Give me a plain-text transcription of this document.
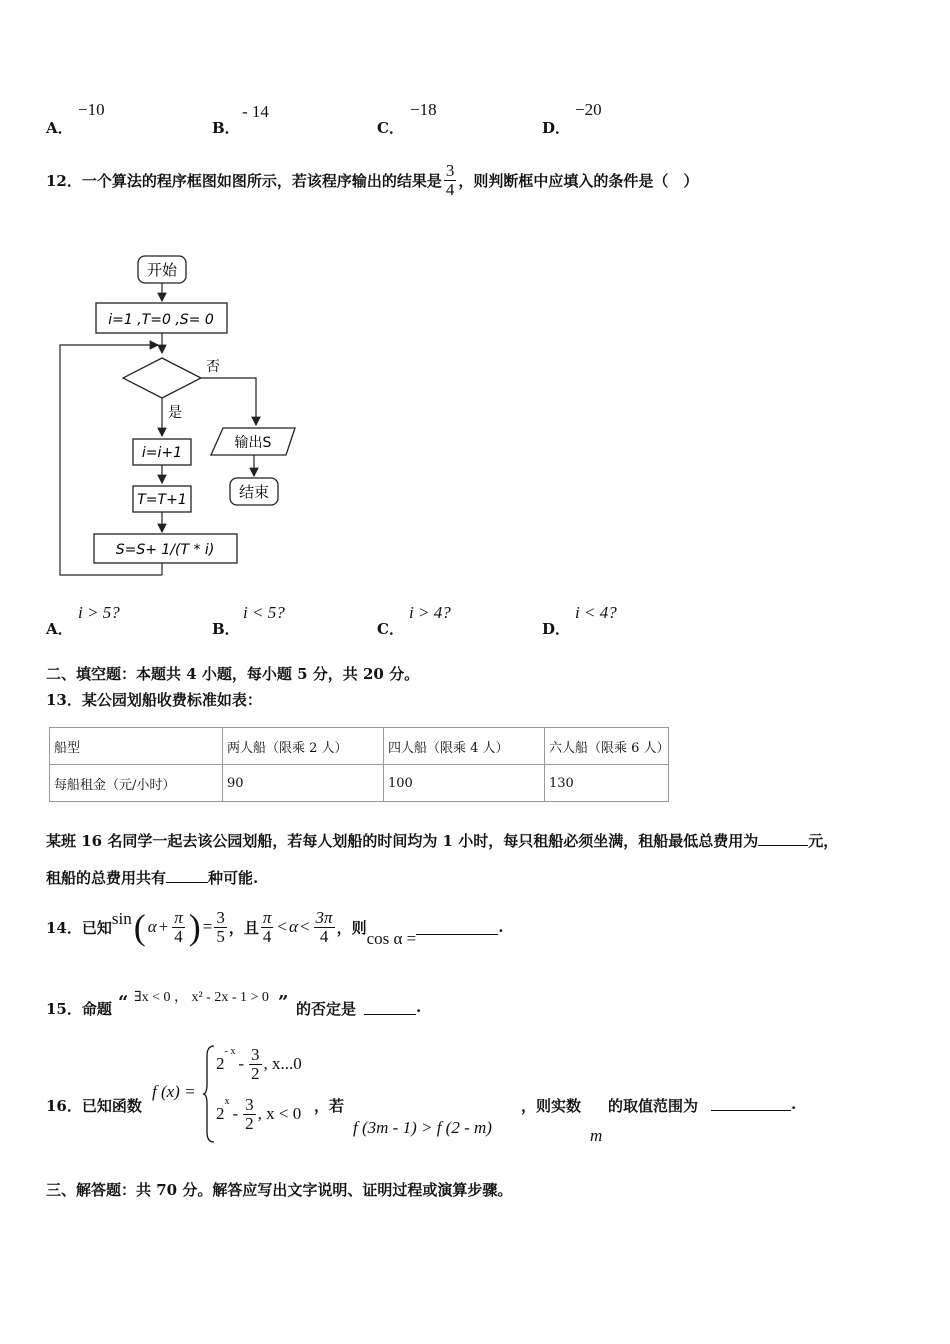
A．
−10
B．
- 14
C．
−18
D．
−20
12．一个算法的程序框图如图所示，若该程序输出的结果是 $\frac{3}{4}$ ，则判断框中应填入的条件是（　）
开始
i=1 ,T=0 ,S= 0
否
是
输出S
结束
i=i+1
T=T+1
S=S+ 1/(T * i)
A．
i > 5?
B．
i < 5?
C．
i > 4?
D．
i < 4?
二、填空题：本题共 4 小题，每小题 5 分，共 20 分。
13．某公园划船收费标准如表：
船型	两人船（限乘 2 人）	四人船（限乘 4 人）	六人船（限乘 6 人）
每船租金（元/小时）	90	100	130
某班 16 名同学一起去该公园划船，若每人划船的时间均为 1 小时，每只租船必须坐满，租船最低总费用为	元，
租船的总费用共有	种可能.
14．已知 sin ( $\alpha + \frac{\pi}{4}$ ) = $\frac{3}{5}$ ，且 $\frac{\pi}{4} < \alpha < \frac{3\pi}{4}$ ，则
cos α =
.
15．命题 “ ∃x < 0 ， x² - 2x - 1 > 0 ” 的否定是	.
16．已知函数
f (x) =
2
$^{- x}$
- $\frac{3}{2}$ , x...0
2
$^x$
- $\frac{3}{2}$ , x < 0 ，若
f (3m - 1) > f (2 - m)
，则实数
m
的取值范围为	.
三、解答题：共 70 分。解答应写出文字说明、证明过程或演算步骤。
